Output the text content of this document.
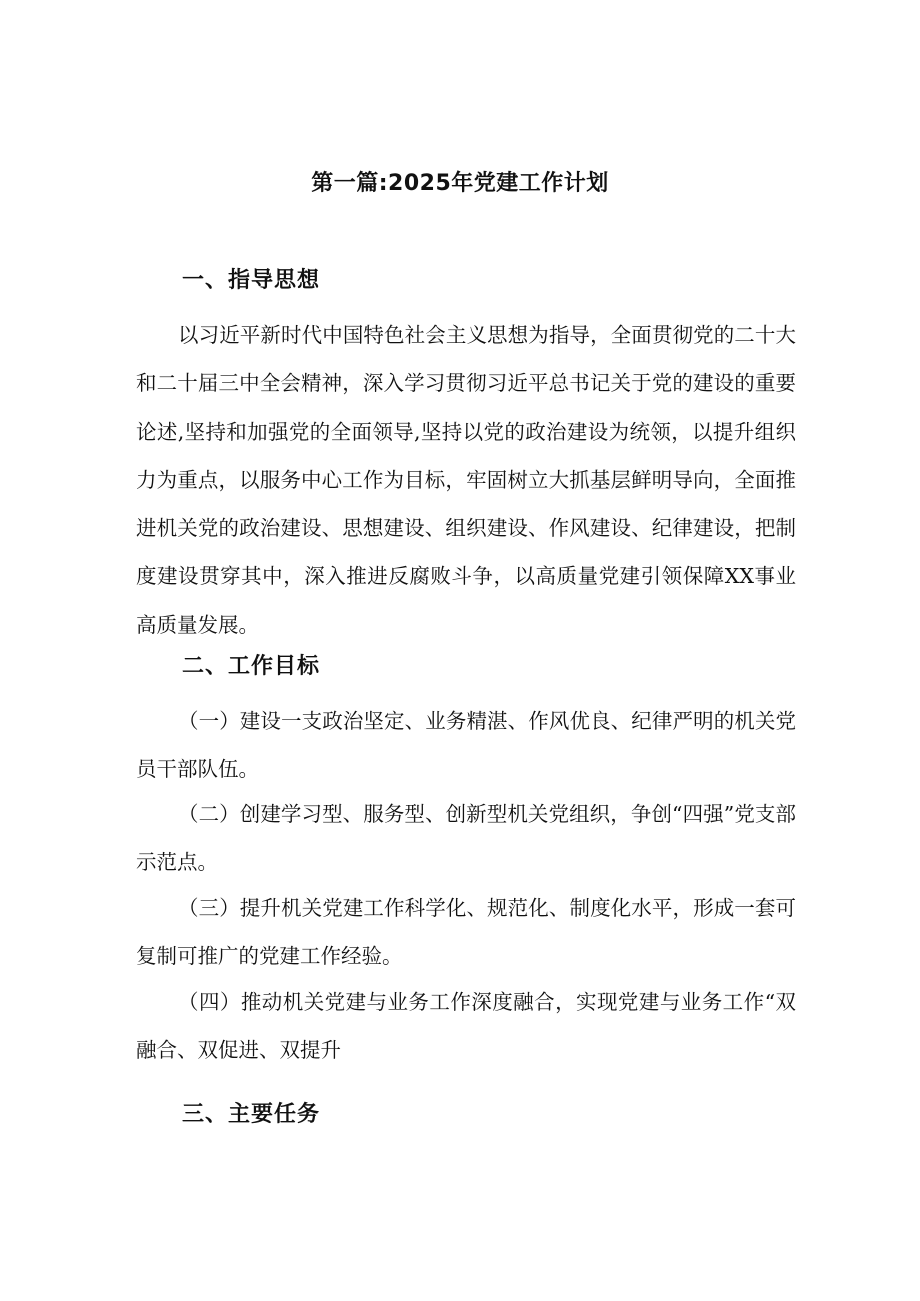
第一篇:2025年党建工作计划
一、指导思想
以习近平新时代中国特色社会主义思想为指导，全面贯彻党的二十大和二十届三中全会精神，深入学习贯彻习近平总书记关于党的建设的重要论述,坚持和加强党的全面领导,坚持以党的政治建设为统领，以提升组织力为重点，以服务中心工作为目标，牢固树立大抓基层鲜明导向，全面推进机关党的政治建设、思想建设、组织建设、作风建设、纪律建设，把制度建设贯穿其中，深入推进反腐败斗争，以高质量党建引领保障XX事业高质量发展。
二、工作目标
（一）建设一支政治坚定、业务精湛、作风优良、纪律严明的机关党员干部队伍。
（二）创建学习型、服务型、创新型机关党组织，争创“四强”党支部示范点。
（三）提升机关党建工作科学化、规范化、制度化水平，形成一套可复制可推广的党建工作经验。
（四）推动机关党建与业务工作深度融合，实现党建与业务工作“双融合、双促进、双提升
三、主要任务
